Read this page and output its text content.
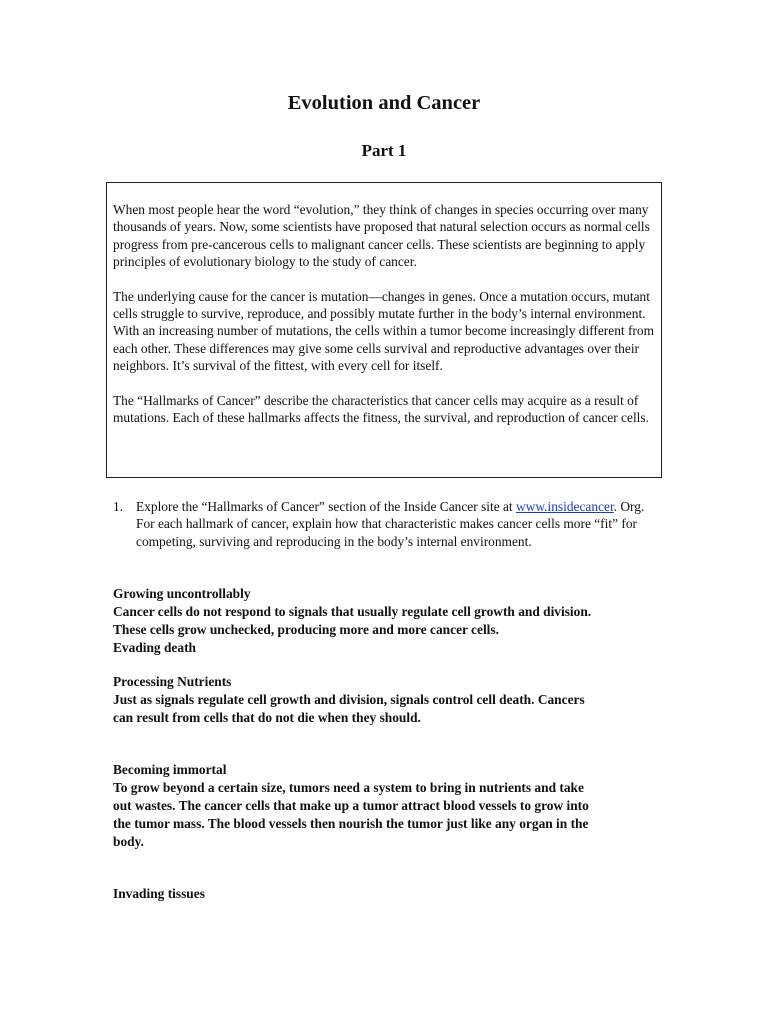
Evolution and Cancer
Part 1

When most people hear the word “evolution,” they think of changes in species occurring over many thousands of years. Now, some scientists have proposed that natural selection occurs as normal cells progress from pre-cancerous cells to malignant cancer cells. These scientists are beginning to apply principles of evolutionary biology to the study of cancer.

The underlying cause for the cancer is mutation—changes in genes. Once a mutation occurs, mutant cells struggle to survive, reproduce, and possibly mutate further in the body’s internal environment. With an increasing number of mutations, the cells within a tumor become increasingly different from each other. These differences may give some cells survival and reproductive advantages over their neighbors. It’s survival of the fittest, with every cell for itself.

The “Hallmarks of Cancer” describe the characteristics that cancer cells may acquire as a result of mutations. Each of these hallmarks affects the fitness, the survival, and reproduction of cancer cells.

1. Explore the “Hallmarks of Cancer” section of the Inside Cancer site at www.insidecancer. Org. For each hallmark of cancer, explain how that characteristic makes cancer cells more “fit” for competing, surviving and reproducing in the body’s internal environment.
Growing uncontrollably
Cancer cells do not respond to signals that usually regulate cell growth and division.
These cells grow unchecked, producing more and more cancer cells.
Evading death
Processing Nutrients
Just as signals regulate cell growth and division, signals control cell death. Cancers
can result from cells that do not die when they should.
Becoming immortal
To grow beyond a certain size, tumors need a system to bring in nutrients and take
out wastes. The cancer cells that make up a tumor attract blood vessels to grow into
the tumor mass. The blood vessels then nourish the tumor just like any organ in the
body.
Invading tissues
